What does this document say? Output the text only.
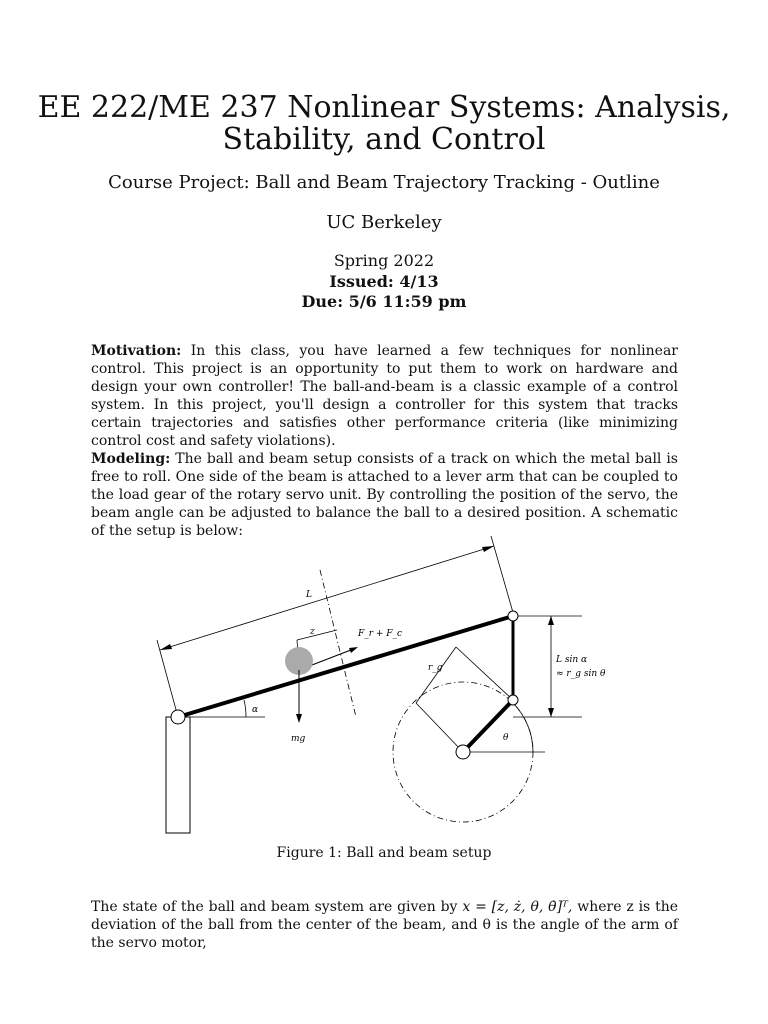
EE 222/ME 237 Nonlinear Systems: Analysis,
Stability, and Control
Course Project: Ball and Beam Trajectory Tracking - Outline
UC Berkeley
Spring 2022
Issued: 4/13
Due: 5/6 11:59 pm
Motivation: In this class, you have learned a few techniques for nonlinear control. This project is an opportunity to put them to work on hardware and design your own controller! The ball-and-beam is a classic example of a control system. In this project, you'll design a controller for this system that tracks certain trajectories and satisfies other performance criteria (like minimizing control cost and safety violations).
Modeling: The ball and beam setup consists of a track on which the metal ball is free to roll. One side of the beam is attached to a lever arm that can be coupled to the load gear of the rotary servo unit. By controlling the position of the servo, the beam angle can be adjusted to balance the ball to a desired position. A schematic of the setup is below:
L
z	F_r + F_c
α
mg
r_g
θ
L sin α
≈ r_g sin θ
Figure 1: Ball and beam setup
The state of the ball and beam system are given by x = [z, ż, θ, θ̇]ᵀ, where z is the deviation of the ball from the center of the beam, and θ is the angle of the arm of the servo motor,
